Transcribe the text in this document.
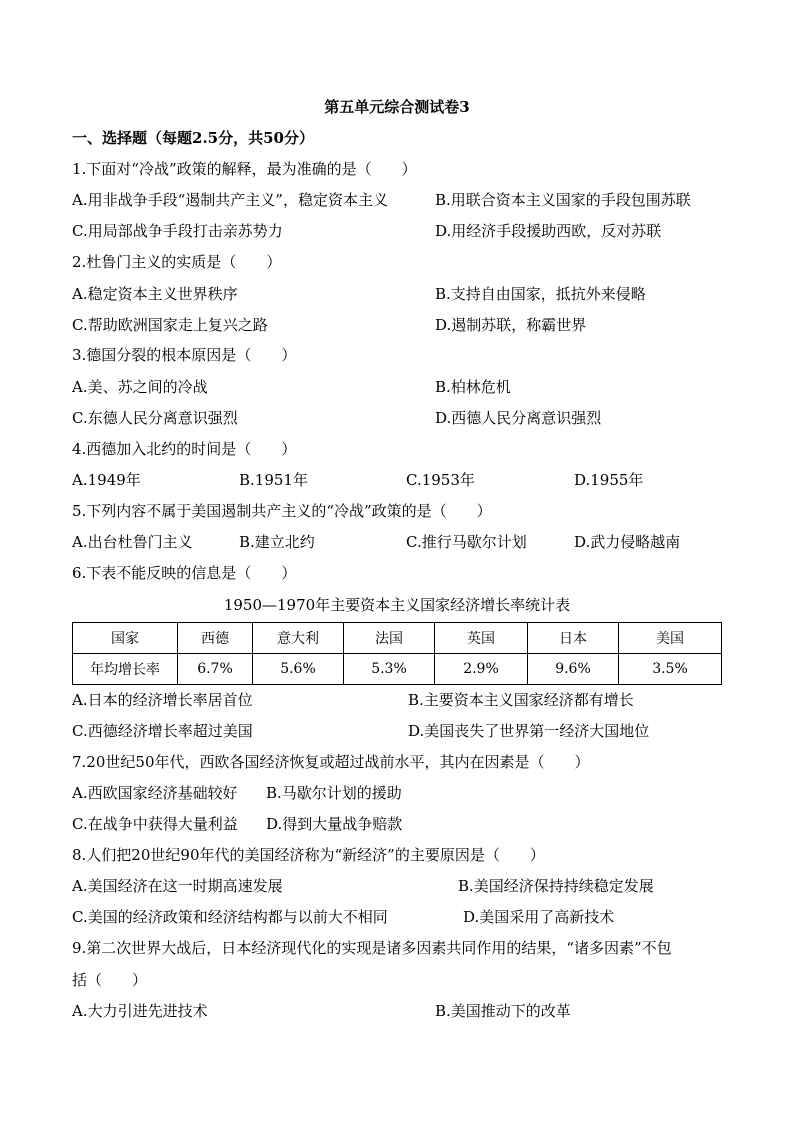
第五单元综合测试卷3
一、选择题（每题2.5分，共50分）
1.下面对“冷战”政策的解释，最为准确的是（　　）
A.用非战争手段“遏制共产主义”，稳定资本主义	B.用联合资本主义国家的手段包围苏联
C.用局部战争手段打击亲苏势力	D.用经济手段援助西欧，反对苏联
2.杜鲁门主义的实质是（　　）
A.稳定资本主义世界秩序	B.支持自由国家，抵抗外来侵略
C.帮助欧洲国家走上复兴之路	D.遏制苏联，称霸世界
3.德国分裂的根本原因是（　　）
A.美、苏之间的冷战	B.柏林危机
C.东德人民分离意识强烈	D.西德人民分离意识强烈
4.西德加入北约的时间是（　　）
A.1949年	B.1951年	C.1953年	D.1955年
5.下列内容不属于美国遏制共产主义的“冷战”政策的是（　　）
A.出台杜鲁门主义	B.建立北约	C.推行马歇尔计划	D.武力侵略越南
6.下表不能反映的信息是（　　）
1950—1970年主要资本主义国家经济增长率统计表
国家	西德	意大利	法国	英国	日本	美国
年均增长率	6.7%	5.6%	5.3%	2.9%	9.6%	3.5%
A.日本的经济增长率居首位	B.主要资本主义国家经济都有增长
C.西德经济增长率超过美国	D.美国丧失了世界第一经济大国地位
7.20世纪50年代，西欧各国经济恢复或超过战前水平，其内在因素是（　　）
A.西欧国家经济基础较好 B.马歇尔计划的援助
C.在战争中获得大量利益 D.得到大量战争赔款
8.人们把20世纪90年代的美国经济称为“新经济”的主要原因是（　　）
A.美国经济在这一时期高速发展	B.美国经济保持持续稳定发展
C.美国的经济政策和经济结构都与以前大不相同	D.美国采用了高新技术
9.第二次世界大战后，日本经济现代化的实现是诸多因素共同作用的结果，“诸多因素”不包
括（　　）
A.大力引进先进技术	B.美国推动下的改革
